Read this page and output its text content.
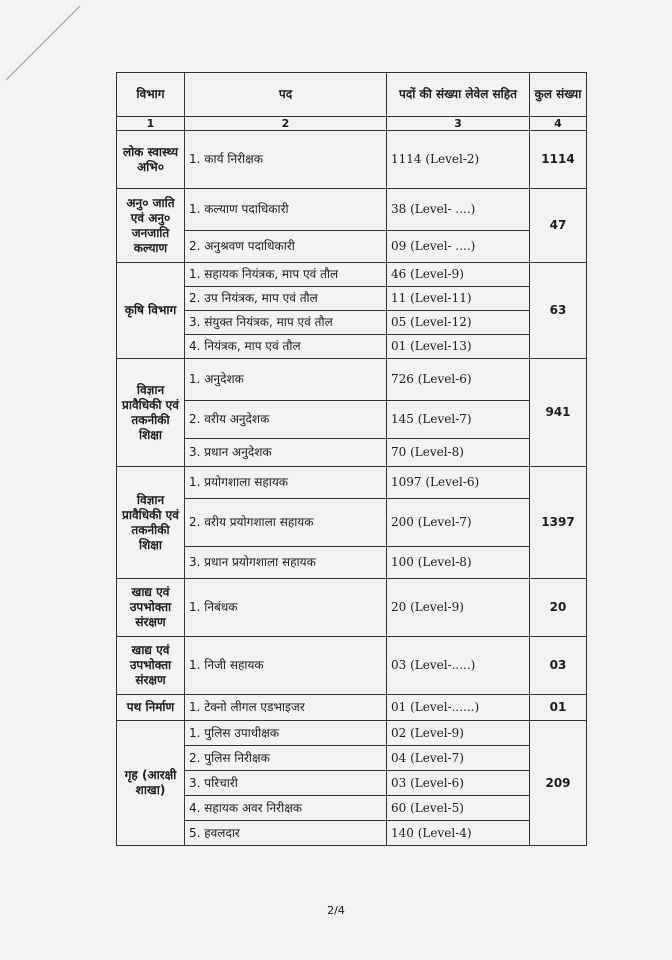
विभाग	पद	पदों की संख्या लेवेल सहित	कुल संख्या
1	2	3	4
लोक स्वास्थ्य अभि०	1. कार्य निरीक्षक	1114 (Level-2)	1114
अनु० जाति एवं अनु० जनजाति कल्याण	1. कल्याण पदाधिकारी	38 (Level- ....)	47
	2. अनुश्रवण पदाधिकारी	09 (Level- ....)	
कृषि विभाग	1. सहायक नियंत्रक, माप एवं तौल	46 (Level-9)	63
	2. उप नियंत्रक, माप एवं तौल	11 (Level-11)	
	3. संयुक्त नियंत्रक, माप एवं तौल	05 (Level-12)	
	4. नियंत्रक, माप एवं तौल	01 (Level-13)	
विज्ञान प्रावैधिकी एवं तकनीकी शिक्षा	1. अनुदेशक	726 (Level-6)	941
	2. वरीय अनुदेशक	145 (Level-7)	
	3. प्रधान अनुदेशक	70 (Level-8)	
विज्ञान प्रावैधिकी एवं तकनीकी शिक्षा	1. प्रयोगशाला सहायक	1097 (Level-6)	1397
	2. वरीय प्रयोगशाला सहायक	200 (Level-7)	
	3. प्रधान प्रयोगशाला सहायक	100 (Level-8)	
खाद्य एवं उपभोक्ता संरक्षण	1. निबंधक	20 (Level-9)	20
खाद्य एवं उपभोक्ता संरक्षण	1. निजी सहायक	03 (Level-.....)	03
पथ निर्माण	1. टेक्नो लीगल एडभाइजर	01 (Level-......)	01
गृह (आरक्षी शाखा)	1. पुलिस उपाधीक्षक	02 (Level-9)	209
	2. पुलिस निरीक्षक	04 (Level-7)	
	3. परिचारी	03 (Level-6)	
	4. सहायक अवर निरीक्षक	60 (Level-5)	
	5. हवलदार	140 (Level-4)	
2/4
